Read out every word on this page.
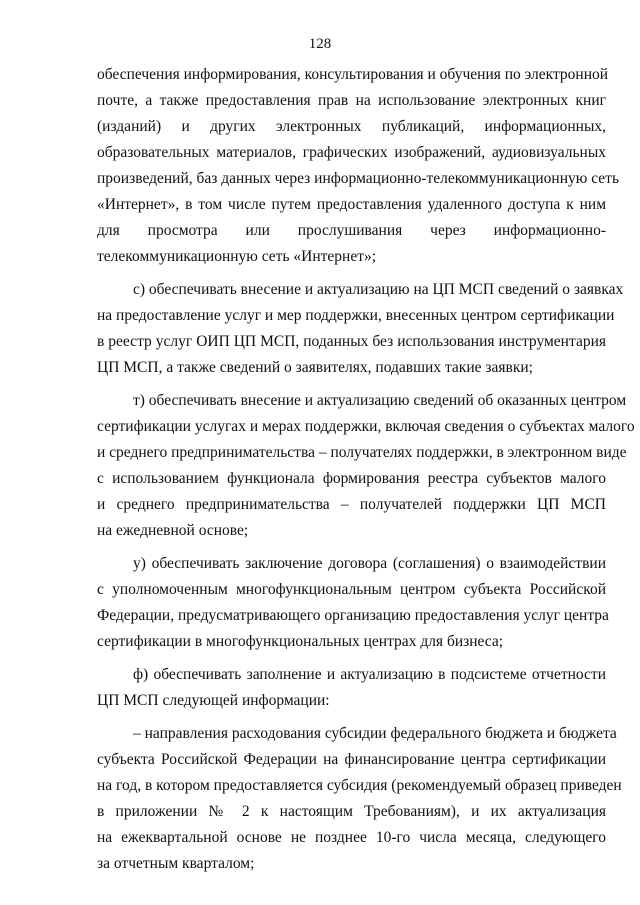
128

обеспечения информирования, консультирования и обучения по электронной
почте, а также предоставления прав на использование электронных книг
(изданий) и других электронных публикаций, информационных,
образовательных материалов, графических изображений, аудиовизуальных
произведений, баз данных через информационно-телекоммуникационную сеть
«Интернет», в том числе путем предоставления удаленного доступа к ним
для просмотра или прослушивания через информационно-
телекоммуникационную сеть «Интернет»;

с) обеспечивать внесение и актуализацию на ЦП МСП сведений о заявках
на предоставление услуг и мер поддержки, внесенных центром сертификации
в реестр услуг ОИП ЦП МСП, поданных без использования инструментария
ЦП МСП, а также сведений о заявителях, подавших такие заявки;

т) обеспечивать внесение и актуализацию сведений об оказанных центром
сертификации услугах и мерах поддержки, включая сведения о субъектах малого
и среднего предпринимательства – получателях поддержки, в электронном виде
с использованием функционала формирования реестра субъектов малого
и среднего предпринимательства – получателей поддержки ЦП МСП
на ежедневной основе;

у) обеспечивать заключение договора (соглашения) о взаимодействии
с уполномоченным многофункциональным центром субъекта Российской
Федерации, предусматривающего организацию предоставления услуг центра
сертификации в многофункциональных центрах для бизнеса;

ф) обеспечивать заполнение и актуализацию в подсистеме отчетности
ЦП МСП следующей информации:

– направления расходования субсидии федерального бюджета и бюджета
субъекта Российской Федерации на финансирование центра сертификации
на год, в котором предоставляется субсидия (рекомендуемый образец приведен
в приложении № 2 к настоящим Требованиям), и их актуализация
на ежеквартальной основе не позднее 10-го числа месяца, следующего
за отчетным кварталом;
